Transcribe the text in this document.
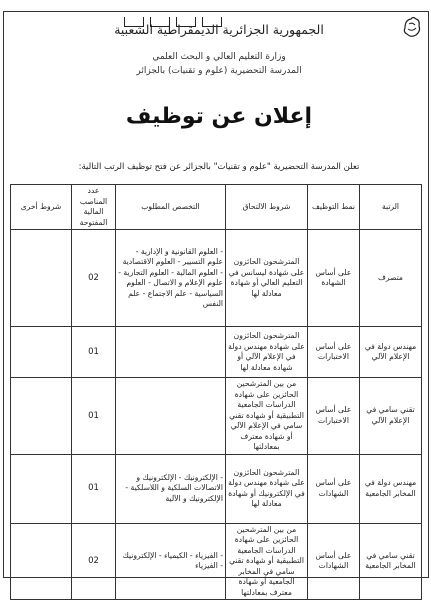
الجمهورية الجزائرية الديمقراطية الشعبية
وزارة التعليم العالي و البحث العلمي
المدرسة التحضيرية (علوم و تقنيات) بالجزائر
إعلان عن توظيف
تعلن المدرسة التحضيرية "علوم و تقنيات" بالجزائر عن فتح توظيف الرتب التالية:
الرتبة	نمط التوظيف	شروط الالتحاق	التخصص المطلوب	عدد المناصب المالية المفتوحة	شروط أخرى
متصرف	على أساس الشهادة	المترشحون الحائزون على شهادة ليسانس في التعليم العالي أو شهادة معادلة لها	- العلوم القانونية و الإدارية - علوم التسيير - العلوم الاقتصادية - العلوم المالية - العلوم التجارية - علوم الإعلام و الاتصال - العلوم السياسية - علم الاجتماع - علم النفس	02	
مهندس دولة في الإعلام الآلي	على أساس الاختبارات	المترشحون الحائزون على شهادة مهندس دولة في الإعلام الآلي أو شهادة معادلة لها		01	
تقني سامي في الإعلام الآلي	على أساس الاختبارات	من بين المترشحين الحائزين على شهادة الدراسات الجامعية التطبيقية أو شهادة تقني سامي في الإعلام الآلي أو شهادة معترف بمعادلتها		01	
مهندس دولة في المخابر الجامعية	على أساس الشهادات	المترشحون الحائزون على شهادة مهندس دولة في الإلكترونيك أو شهادة معادلة لها	- الإلكترونيك - الإلكترونيك و الاتصالات السلكية و اللاسلكية - الإلكترونيك و الآلية	01	
تقني سامي في المخابر الجامعية	على أساس الشهادات	من بين المترشحين الحائزين على شهادة الدراسات الجامعية التطبيقية أو شهادة تقني سامي في المخابر الجامعية أو شهادة معترف بمعادلتها	- الفيزياء - الكيمياء - الإلكترونيك - الفيزياء	02	
